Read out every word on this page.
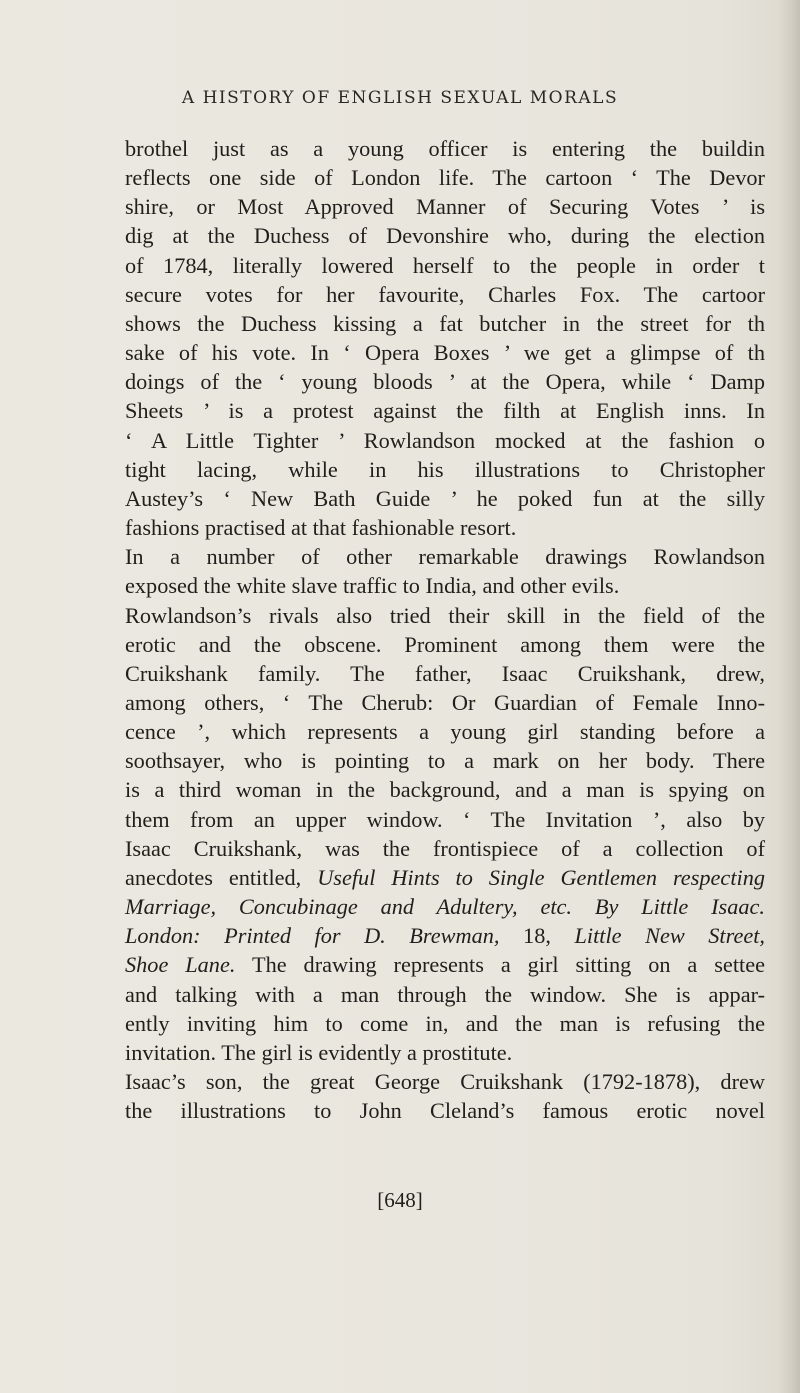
A HISTORY OF ENGLISH SEXUAL MORALS
brothel just as a young officer is entering the buildin
reflects one side of London life. The cartoon ‘ The Devor
shire, or Most Approved Manner of Securing Votes ’ is
dig at the Duchess of Devonshire who, during the election
of 1784, literally lowered herself to the people in order t
secure votes for her favourite, Charles Fox. The cartoor
shows the Duchess kissing a fat butcher in the street for th
sake of his vote. In ‘ Opera Boxes ’ we get a glimpse of th
doings of the ‘ young bloods ’ at the Opera, while ‘ Damp
Sheets ’ is a protest against the filth at English inns. In
‘ A Little Tighter ’ Rowlandson mocked at the fashion o
tight lacing, while in his illustrations to Christopher
Austey’s ‘ New Bath Guide ’ he poked fun at the silly
fashions practised at that fashionable resort.
In a number of other remarkable drawings Rowlandson
exposed the white slave traffic to India, and other evils.
Rowlandson’s rivals also tried their skill in the field of the
erotic and the obscene. Prominent among them were the
Cruikshank family. The father, Isaac Cruikshank, drew,
among others, ‘ The Cherub: Or Guardian of Female Inno-
cence ’, which represents a young girl standing before a
soothsayer, who is pointing to a mark on her body. There
is a third woman in the background, and a man is spying on
them from an upper window. ‘ The Invitation ’, also by
Isaac Cruikshank, was the frontispiece of a collection of
anecdotes entitled, Useful Hints to Single Gentlemen respecting
Marriage, Concubinage and Adultery, etc. By Little Isaac.
London: Printed for D. Brewman, 18, Little New Street,
Shoe Lane. The drawing represents a girl sitting on a settee
and talking with a man through the window. She is appar-
ently inviting him to come in, and the man is refusing the
invitation. The girl is evidently a prostitute.
Isaac’s son, the great George Cruikshank (1792-1878), drew
the illustrations to John Cleland’s famous erotic novel
[648]
